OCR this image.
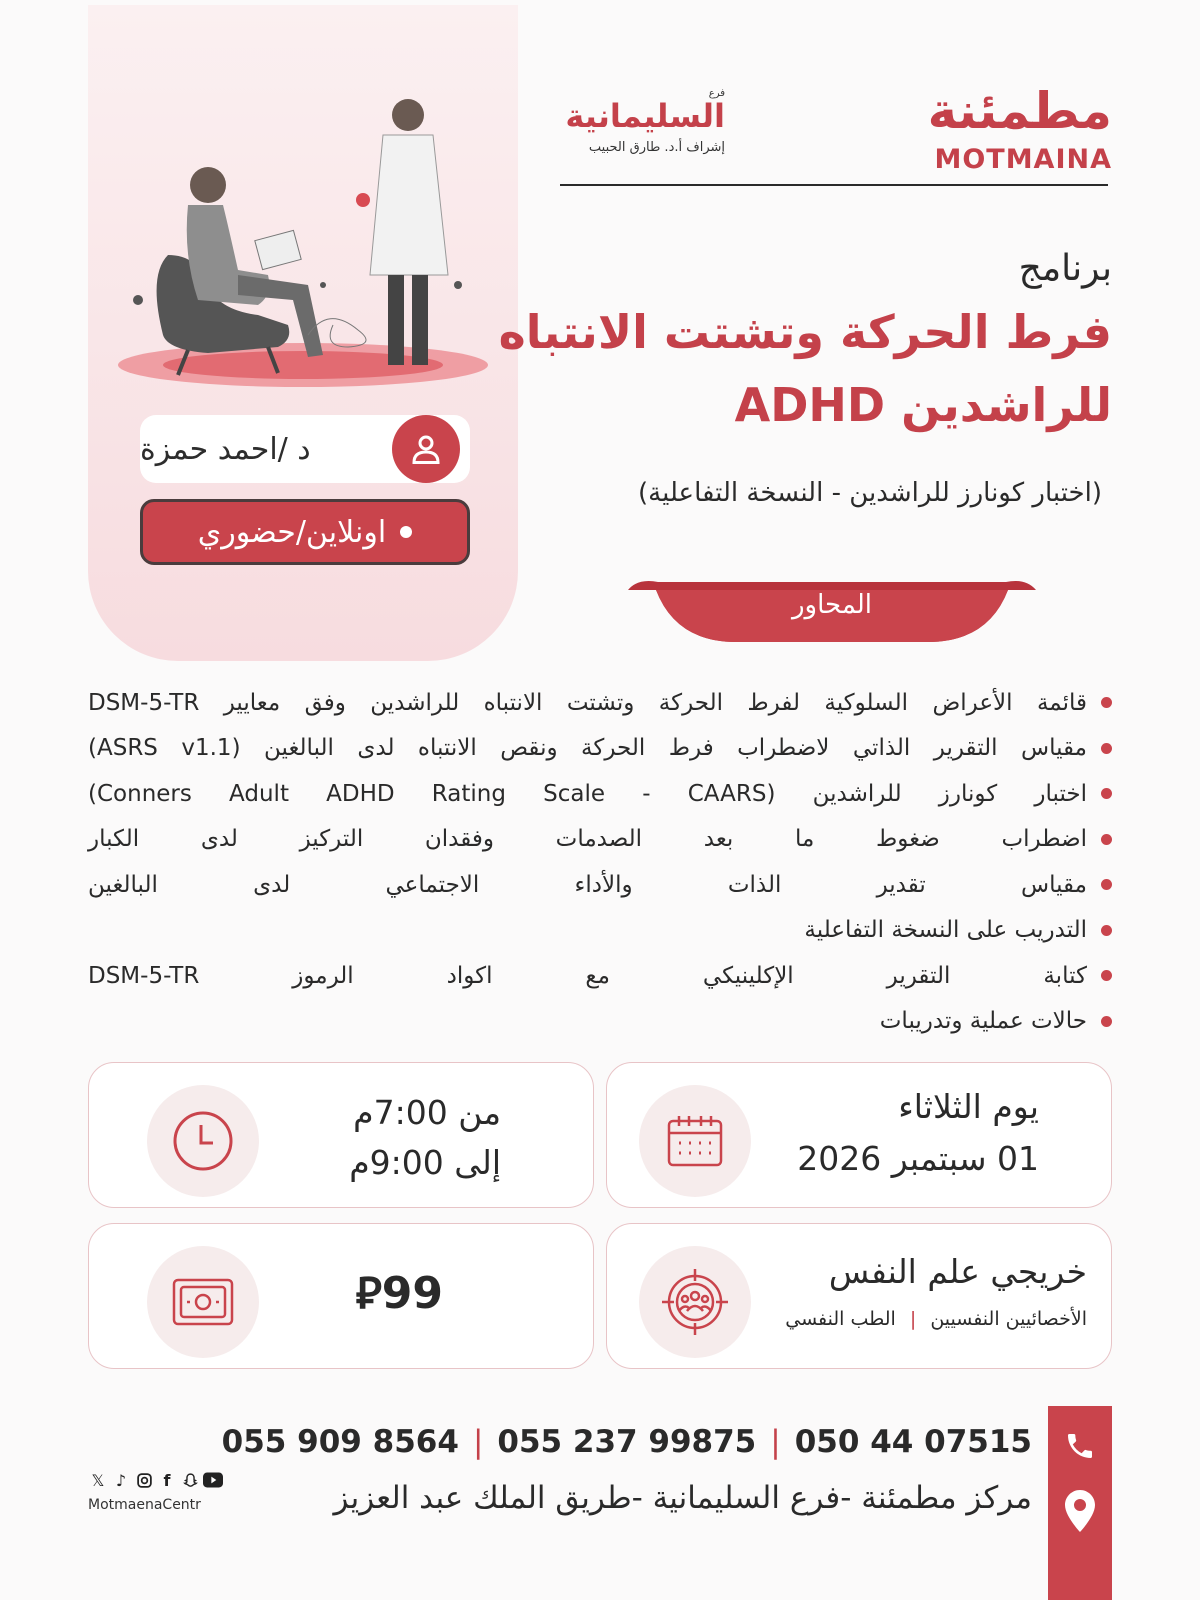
د /احمد حمزة
اونلاين/حضوري
مطمئنة
MOTMAINA
فرع
السليمانية
إشراف أ.د. طارق الحبيب
برنامج
فرط الحركة وتشتت الانتباه
للراشدين ADHD
(اختبار كونارز للراشدين - النسخة التفاعلية)
المحاور
قائمة الأعراض السلوكية لفرط الحركة وتشتت الانتباه للراشدين وفق معايير DSM-5-TR
مقياس التقرير الذاتي لاضطراب فرط الحركة ونقص الانتباه لدى البالغين (ASRS v1.1)
اختبار كونارز للراشدين (Conners Adult ADHD Rating Scale - CAARS)
اضطراب ضغوط ما بعد الصدمات وفقدان التركيز لدى الكبار
مقياس تقدير الذات والأداء الاجتماعي لدى البالغين
التدريب على النسخة التفاعلية
كتابة التقرير الإكلينيكي مع اكواد الرموز DSM-5-TR
حالات عملية وتدريبات
يوم الثلاثاء
01 سبتمبر 2026
من 7:00م
إلى 9:00م
خريجي علم النفس
الأخصائيين النفسيين | الطب النفسي
⃁99
055 909 8564 | 055 237 99875 | 050 44 07515
مركز مطمئنة -فرع السليمانية -طريق الملك عبد العزيز
𝕏 ♪	f
MotmaenaCentr
